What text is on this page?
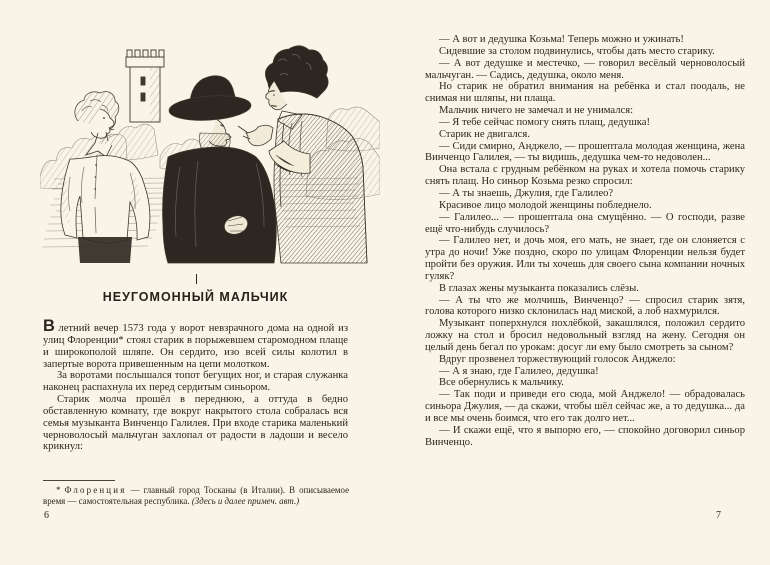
НЕУГОМОННЫЙ МАЛЬЧИК

Влетний вечер 1573 года у ворот невзрачного дома на одной из улиц Флоренции* стоял старик в порыжевшем старомодном плаще и широкополой шляпе. Он сердито, изо всей силы колотил в запертые ворота привешенным на цепи молотком.

За воротами послышался топот бегущих ног, и старая служанка наконец распахнула их перед сердитым синьором.

Старик молча прошёл в переднюю, а оттуда в бедно обставленную комнату, где вокруг накрытого стола собралась вся семья музыканта Винченцо Галилея. При входе старика маленький черноволосый мальчуган захлопал от радости в ладоши и весело крикнул:

* Флоренция — главный город Тосканы (в Италии). В описываемое время — самостоятельная республика. (Здесь и далее примеч. авт.)
6

— А вот и дедушка Козьма! Теперь можно и ужинать!

Сидевшие за столом подвинулись, чтобы дать место старику.

— А вот дедушке и местечко, — говорил весёлый черноволосый мальчуган. — Садись, дедушка, около меня.

Но старик не обратил внимания на ребёнка и стал поодаль, не снимая ни шляпы, ни плаща.

Мальчик ничего не замечал и не унимался:

— Я тебе сейчас помогу снять плащ, дедушка!

Старик не двигался.

— Сиди смирно, Анджело, — прошептала молодая женщина, жена Винченцо Галилея, — ты видишь, дедушка чем-то недоволен...

Она встала с грудным ребёнком на руках и хотела помочь старику снять плащ. Но синьор Козьма резко спросил:

— А ты знаешь, Джулия, где Галилео?

Красивое лицо молодой женщины побледнело.

— Галилео... — прошептала она смущённо. — О господи, разве ещё что-нибудь случилось?

— Галилео нет, и дочь моя, его мать, не знает, где он слоняется с утра до ночи! Уже поздно, скоро по улицам Флоренции нельзя будет пройти без оружия. Или ты хочешь для своего сына компании ночных гуляк?

В глазах жены музыканта показались слёзы.

— А ты что же молчишь, Винченцо? — спросил старик зятя, голова которого низко склонилась над миской, а лоб нахмурился.

Музыкант поперхнулся похлёбкой, закашлялся, положил сердито ложку на стол и бросил недовольный взгляд на жену. Сегодня он целый день бегал по урокам: досуг ли ему было смотреть за сыном?

Вдруг прозвенел торжествующий голосок Анджело:

— А я знаю, где Галилео, дедушка!

Все обернулись к мальчику.

— Так поди и приведи его сюда, мой Анджело! — обрадовалась синьора Джулия, — да скажи, чтобы шёл сейчас же, а то дедушка... да и все мы очень боимся, что его так долго нет...

— И скажи ещё, что я выпорю его, — спокойно договорил синьор Винченцо.

7
